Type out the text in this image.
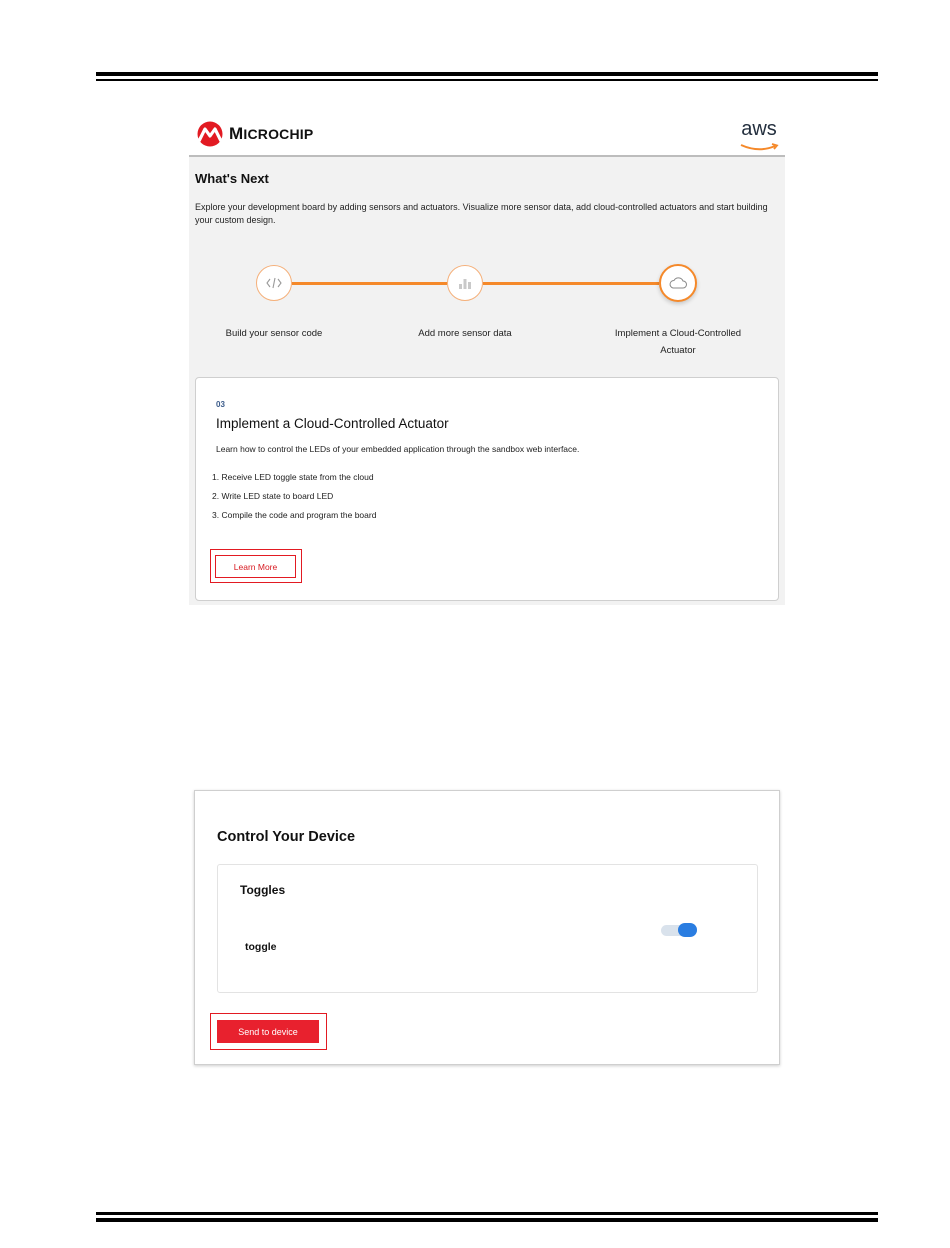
MICROCHIP	aws
What's Next
Explore your development board by adding sensors and actuators. Visualize more sensor data, add cloud-controlled actuators and start building your custom design.
Build your sensor code	Add more sensor data	Implement a Cloud-Controlled Actuator
03
Implement a Cloud-Controlled Actuator
Learn how to control the LEDs of your embedded application through the sandbox web interface.
1. Receive LED toggle state from the cloud
2. Write LED state to board LED
3. Compile the code and program the board
Learn More
Control Your Device
Toggles
toggle
Send to device
